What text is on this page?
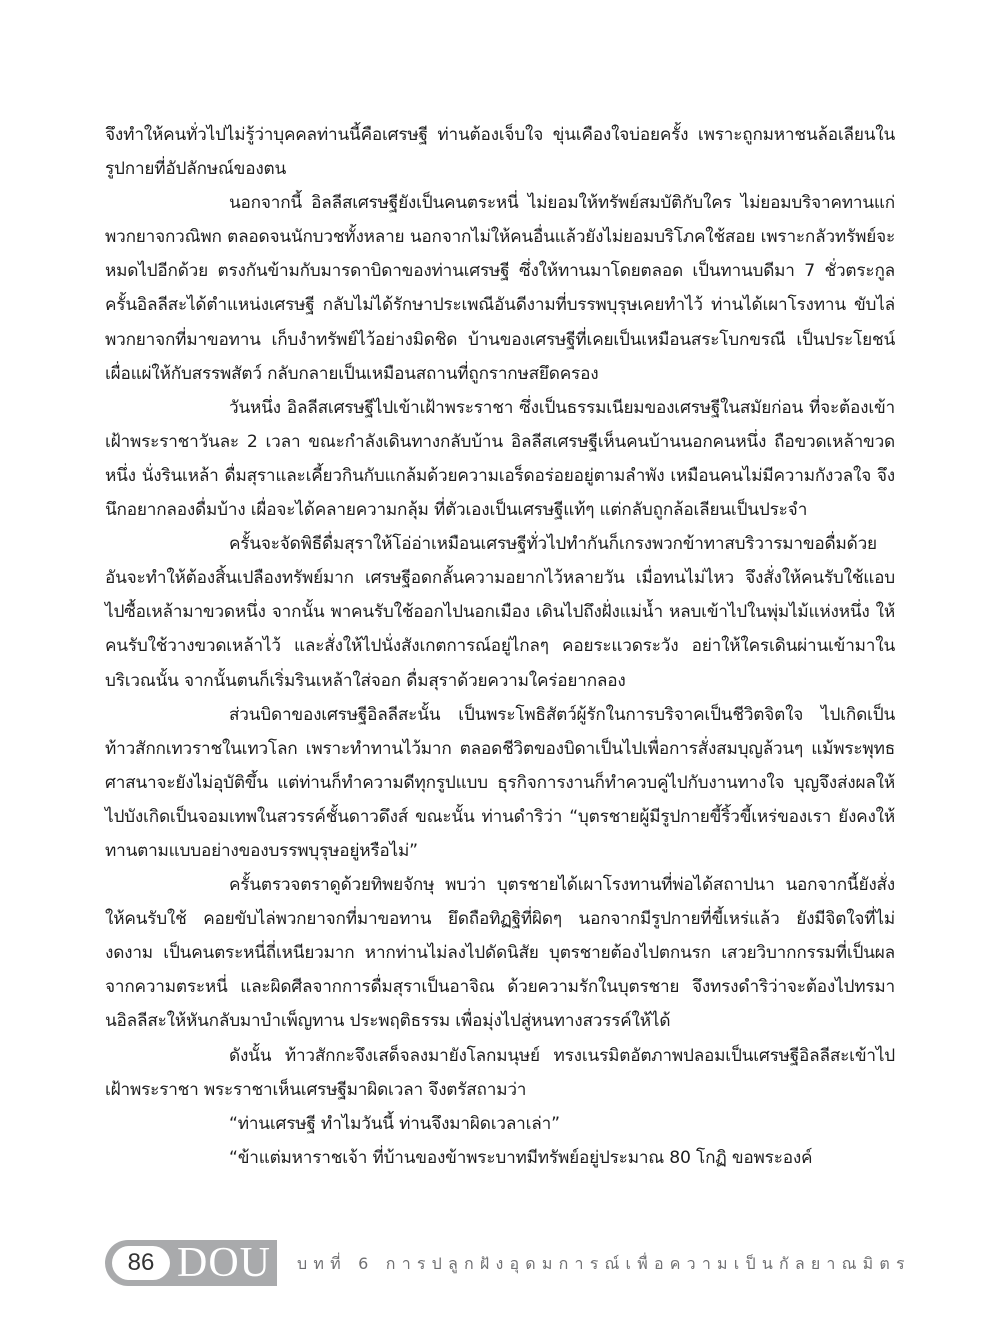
จึงทำให้คนทั่วไปไม่รู้ว่าบุคคลท่านนี้คือเศรษฐี ท่านต้องเจ็บใจ ขุ่นเคืองใจบ่อยครั้ง เพราะถูกมหาชนล้อเลียนในรูปกายที่อัปลักษณ์ของตน

นอกจากนี้ อิลลีสเศรษฐียังเป็นคนตระหนี่ ไม่ยอมให้ทรัพย์สมบัติกับใคร ไม่ยอมบริจาคทานแก่พวกยาจกวณิพก ตลอดจนนักบวชทั้งหลาย นอกจากไม่ให้คนอื่นแล้วยังไม่ยอมบริโภคใช้สอย เพราะกลัวทรัพย์จะหมดไปอีกด้วย ตรงกันข้ามกับมารดาบิดาของท่านเศรษฐี ซึ่งให้ทานมาโดยตลอด เป็นทานบดีมา 7 ชั่วตระกูล ครั้นอิลลีสะได้ตำแหน่งเศรษฐี กลับไม่ได้รักษาประเพณีอันดีงามที่บรรพบุรุษเคยทำไว้ ท่านได้เผาโรงทาน ขับไล่พวกยาจกที่มาขอทาน เก็บงำทรัพย์ไว้อย่างมิดชิด บ้านของเศรษฐีที่เคยเป็นเหมือนสระโบกขรณี เป็นประโยชน์เผื่อแผ่ให้กับสรรพสัตว์ กลับกลายเป็นเหมือนสถานที่ถูกรากษสยึดครอง

วันหนึ่ง อิลลีสเศรษฐีไปเข้าเฝ้าพระราชา ซึ่งเป็นธรรมเนียมของเศรษฐีในสมัยก่อน ที่จะต้องเข้าเฝ้าพระราชาวันละ 2 เวลา ขณะกำลังเดินทางกลับบ้าน อิลลีสเศรษฐีเห็นคนบ้านนอกคนหนึ่ง ถือขวดเหล้าขวดหนึ่ง นั่งรินเหล้า ดื่มสุราและเคี้ยวกินกับแกล้มด้วยความเอร็ดอร่อยอยู่ตามลำพัง เหมือนคนไม่มีความกังวลใจ จึงนึกอยากลองดื่มบ้าง เผื่อจะได้คลายความกลุ้ม ที่ตัวเองเป็นเศรษฐีแท้ๆ แต่กลับถูกล้อเลียนเป็นประจำ

ครั้นจะจัดพิธีดื่มสุราให้โอ่อ่าเหมือนเศรษฐีทั่วไปทำกันก็เกรงพวกข้าทาสบริวารมาขอดื่มด้วย อันจะทำให้ต้องสิ้นเปลืองทรัพย์มาก เศรษฐีอดกลั้นความอยากไว้หลายวัน เมื่อทนไม่ไหว จึงสั่งให้คนรับใช้แอบไปซื้อเหล้ามาขวดหนึ่ง จากนั้น พาคนรับใช้ออกไปนอกเมือง เดินไปถึงฝั่งแม่น้ำ หลบเข้าไปในพุ่มไม้แห่งหนึ่ง ให้คนรับใช้วางขวดเหล้าไว้ และสั่งให้ไปนั่งสังเกตการณ์อยู่ไกลๆ คอยระแวดระวัง อย่าให้ใครเดินผ่านเข้ามาในบริเวณนั้น จากนั้นตนก็เริ่มรินเหล้าใส่จอก ดื่มสุราด้วยความใคร่อยากลอง

ส่วนบิดาของเศรษฐีอิลลีสะนั้น เป็นพระโพธิสัตว์ผู้รักในการบริจาคเป็นชีวิตจิตใจ ไปเกิดเป็นท้าวสักกเทวราชในเทวโลก เพราะทำทานไว้มาก ตลอดชีวิตของบิดาเป็นไปเพื่อการสั่งสมบุญล้วนๆ แม้พระพุทธศาสนาจะยังไม่อุบัติขึ้น แต่ท่านก็ทำความดีทุกรูปแบบ ธุรกิจการงานก็ทำควบคู่ไปกับงานทางใจ บุญจึงส่งผลให้ไปบังเกิดเป็นจอมเทพในสวรรค์ชั้นดาวดึงส์ ขณะนั้น ท่านดำริว่า “บุตรชายผู้มีรูปกายขี้ริ้วขี้เหร่ของเรา ยังคงให้ทานตามแบบอย่างของบรรพบุรุษอยู่หรือไม่”

ครั้นตรวจตราดูด้วยทิพยจักษุ พบว่า บุตรชายได้เผาโรงทานที่พ่อได้สถาปนา นอกจากนี้ยังสั่งให้คนรับใช้ คอยขับไล่พวกยาจกที่มาขอทาน ยึดถือทิฏฐิที่ผิดๆ นอกจากมีรูปกายที่ขี้เหร่แล้ว ยังมีจิตใจที่ไม่งดงาม เป็นคนตระหนี่ถี่เหนียวมาก หากท่านไม่ลงไปดัดนิสัย บุตรชายต้องไปตกนรก เสวยวิบากกรรมที่เป็นผลจากความตระหนี่ และผิดศีลจากการดื่มสุราเป็นอาจิณ ด้วยความรักในบุตรชาย จึงทรงดำริว่าจะต้องไปทรมานอิลลีสะให้หันกลับมาบำเพ็ญทาน ประพฤติธรรม เพื่อมุ่งไปสู่หนทางสวรรค์ให้ได้

ดังนั้น ท้าวสักกะจึงเสด็จลงมายังโลกมนุษย์ ทรงเนรมิตอัตภาพปลอมเป็นเศรษฐีอิลลีสะเข้าไปเฝ้าพระราชา พระราชาเห็นเศรษฐีมาผิดเวลา จึงตรัสถามว่า

“ท่านเศรษฐี ทำไมวันนี้ ท่านจึงมาผิดเวลาเล่า”

“ข้าแต่มหาราชเจ้า ที่บ้านของข้าพระบาทมีทรัพย์อยู่ประมาณ 80 โกฏิ ขอพระองค์

86 DOU บทที่ 6 การปลูกฝังอุดมการณ์เพื่อความเป็นกัลยาณมิตร
